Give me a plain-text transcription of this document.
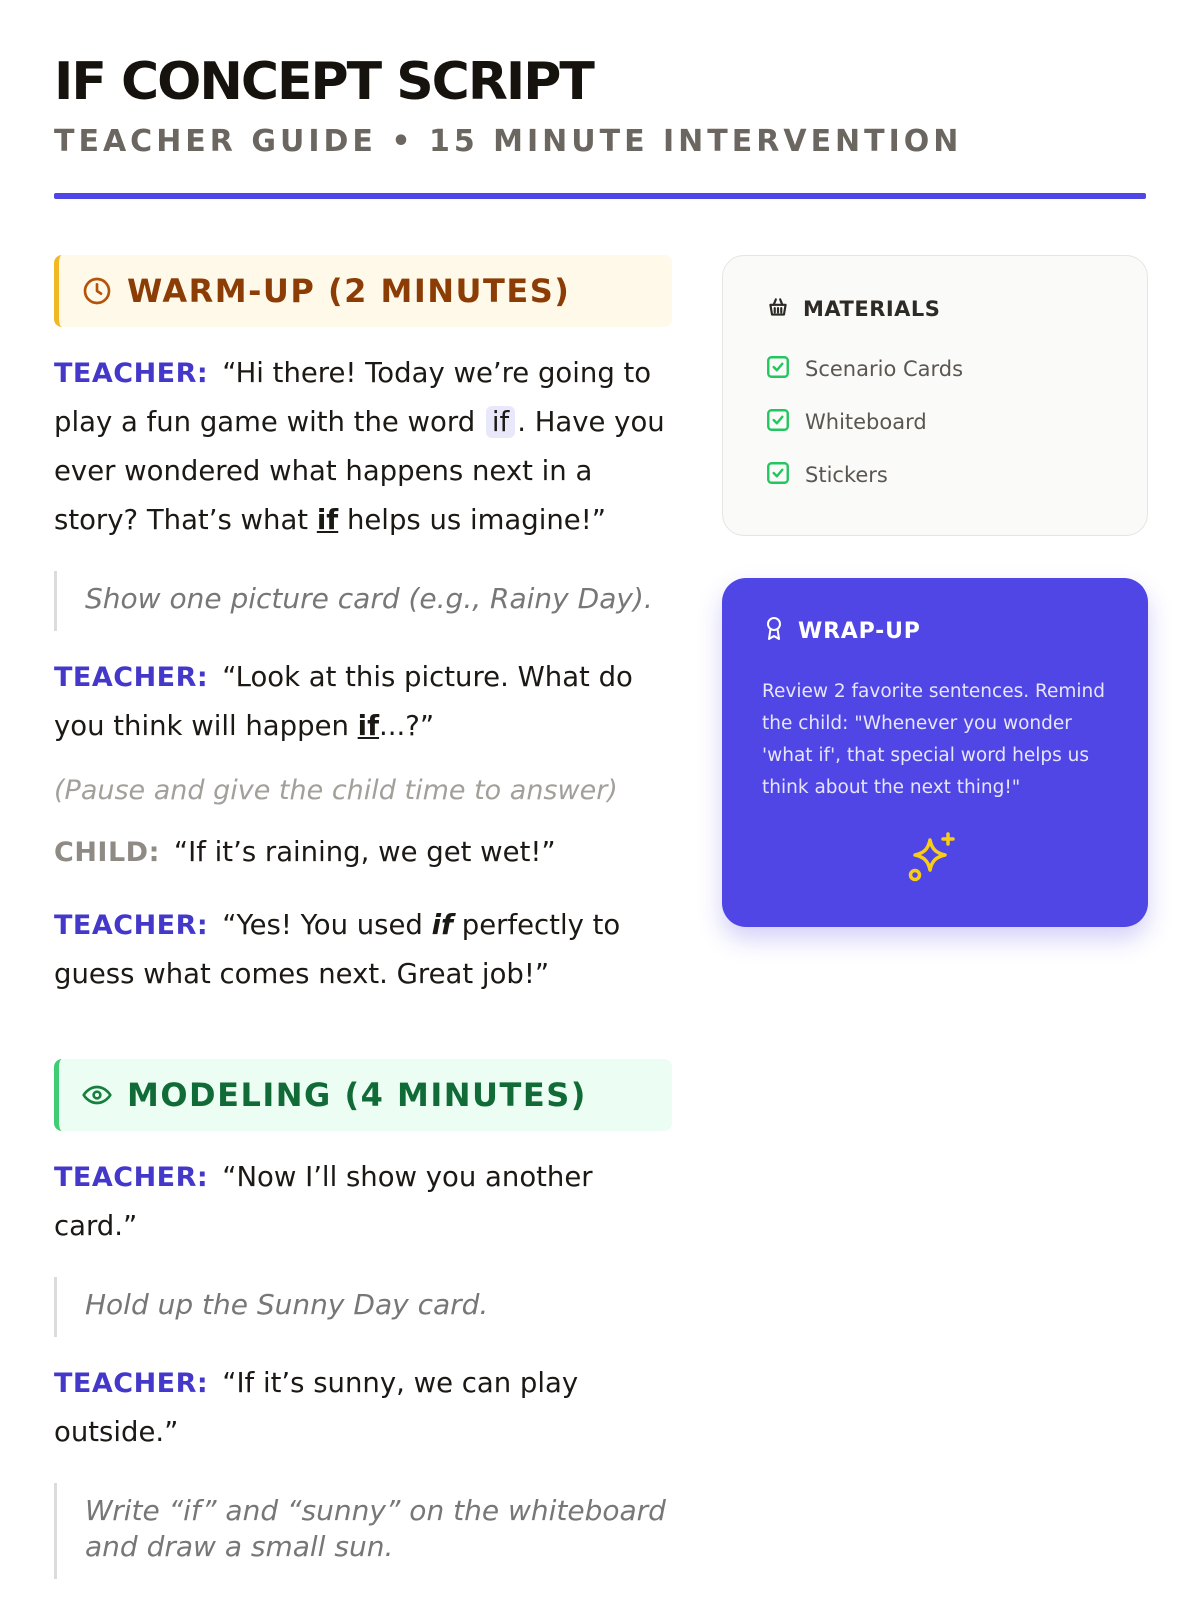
IF CONCEPT SCRIPT
TEACHER GUIDE • 15 MINUTE INTERVENTION
WARM-UP (2 MINUTES)

TEACHER: “Hi there! Today we’re going to play a fun game with the word if . Have you ever wondered what happens next in a story? That’s what if helps us imagine!”

Show one picture card (e.g., Rainy Day).

TEACHER: “Look at this picture. What do you think will happen if...?”

(Pause and give the child time to answer)

CHILD: “If it’s raining, we get wet!”

TEACHER: “Yes! You used if perfectly to guess what comes next. Great job!”

MODELING (4 MINUTES)

TEACHER: “Now I’ll show you another card.”

Hold up the Sunny Day card.

TEACHER: “If it’s sunny, we can play outside.”

Write “if” and “sunny” on the whiteboard and draw a small sun.
MATERIALS
Scenario Cards
Whiteboard
Stickers
WRAP-UP
Review 2 favorite sentences. Remind the child: "Whenever you wonder 'what if', that special word helps us think about the next thing!"
